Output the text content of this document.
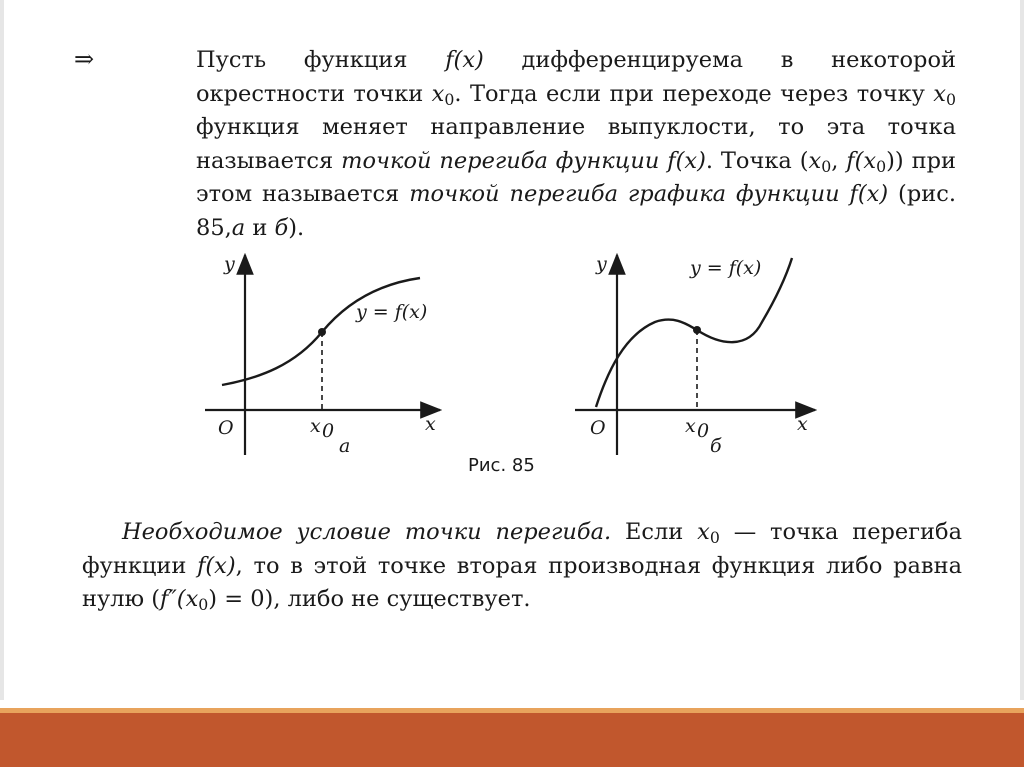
⇒	Пусть функция f(x) дифференцируема в некоторой окрестности точки $x_0$. Тогда если при переходе через точку $x_0$ функция меняет направление выпуклости, то эта точка называется точкой перегиба функции f(x). Точка ($x_0$, $f(x_0)$) при этом называется точкой перегиба графика функции f(x) (рис. 85,а и б).
y
x
O	x 0
y = f(x)
а
y
x
O	x 0
y = f(x)
б
Рис. 85
Необходимое условие точки перегиба. Если $x_0$ — точка перегиба функции f(x), то в этой точке вторая производная функция либо равна нулю $(f''(x_0) = 0)$, либо не существует.
